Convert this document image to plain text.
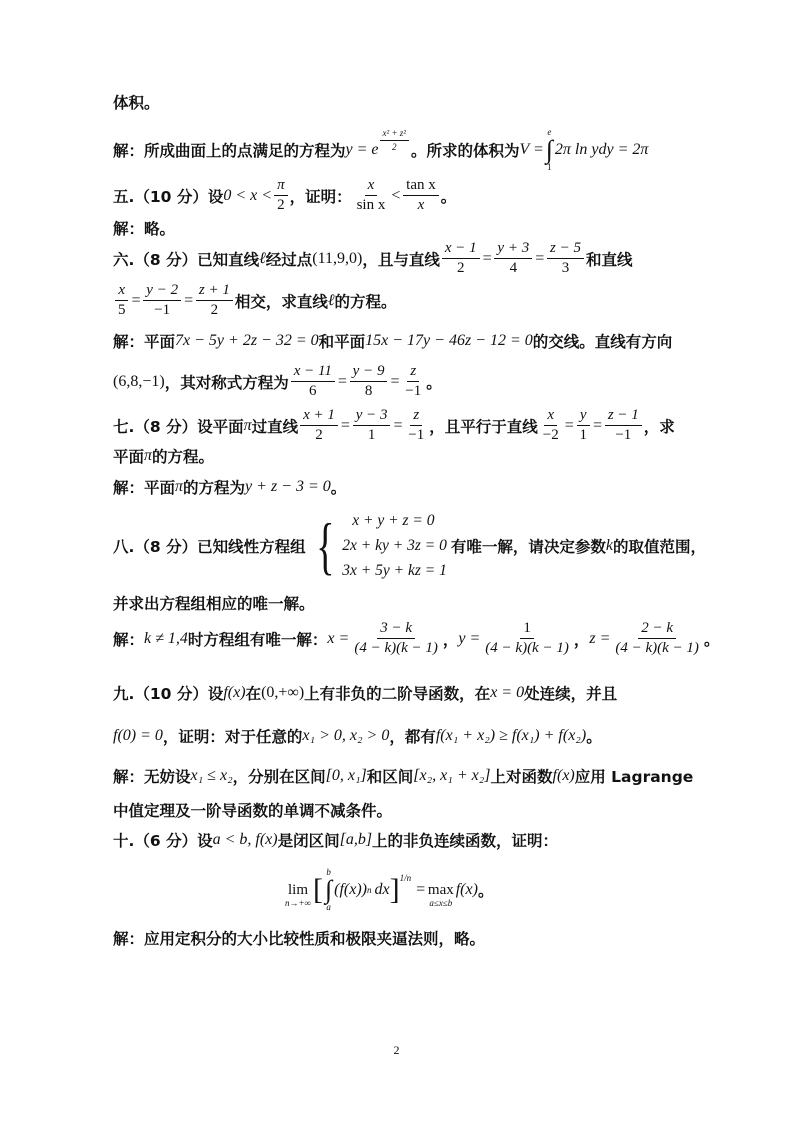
体积。
解：所成曲面上的点满足的方程为 y = e $\frac{\text{x² + z²}}{2}$ 。所求的体积为 V =
e
∫
1
2π ln ydy = 2π
五.（10 分）设 $0 < x < \frac{\pi}{2}$ ，证明： $\frac{x}{\text{sin x}} < \frac{\text{tan x}}{x}$ 。
解：略。
六.（8 分）已知直线 ℓ 经过点 (11,9,0) ，且与直线 $\frac{x - 1}{2} = \frac{y + 3}{4} = \frac{z - 5}{3}$ 和直线
$\frac{x}{5} = \frac{y - 2}{-1} = \frac{z + 1}{2}$ 相交，求直线 ℓ 的方程。
解：平面 7x − 5y + 2z − 32 = 0 和平面 15x − 17y − 46z − 12 = 0 的交线。直线有方向
(6,8,−1) ，其对称式方程为 $\frac{x - 11}{6} = \frac{y - 9}{8} = \frac{z}{-1}$ 。
七.（8 分）设平面 π 过直线 $\frac{x + 1}{2} = \frac{y - 3}{1} = \frac{z}{-1}$ ，且平行于直线 $\frac{x}{-2} = \frac{y}{1} = \frac{z - 1}{-1}$ ，求
平面 π 的方程。
解：平面 π 的方程为 y + z − 3 = 0 。
八.（8 分）已知线性方程组 {	x + y + z = 0
2x + ky + 3z = 0
3x + 5y + kz = 1
有唯一解，请决定参数 k 的取值范围，
并求出方程组相应的唯一解。
解： k ≠ 1,4 时方程组有唯一解： $x = \frac{3 - k}{(4 - k)(k - 1)}$ ， $y = \frac{1}{(4 - k)(k - 1)}$ ， $z = \frac{2 - k}{(4 - k)(k - 1)}$ 。
九.（10 分）设 f(x) 在 (0,+∞) 上有非负的二阶导函数，在 x = 0 处连续，并且
f(0) = 0 ，证明：对于任意的 x₁ > 0, x₂ > 0 ，都有 f(x₁ + x₂) ≥ f(x₁) + f(x₂) 。
解：无妨设 x₁ ≤ x₂ ，分别在区间 [0, x₁] 和区间 [x₂, x₁ + x₂] 上对函数 f(x) 应用 Lagrange
中值定理及一阶导函数的单调不减条件。
十.（6 分）设 a < b, f(x) 是闭区间 [a,b] 上的非负连续函数，证明：
lim
n→+∞ [
b
∫
a
(f(x)) n dx ] 1/n
= max
a≤x≤b
f(x) 。
解：应用定积分的大小比较性质和极限夹逼法则，略。
2
